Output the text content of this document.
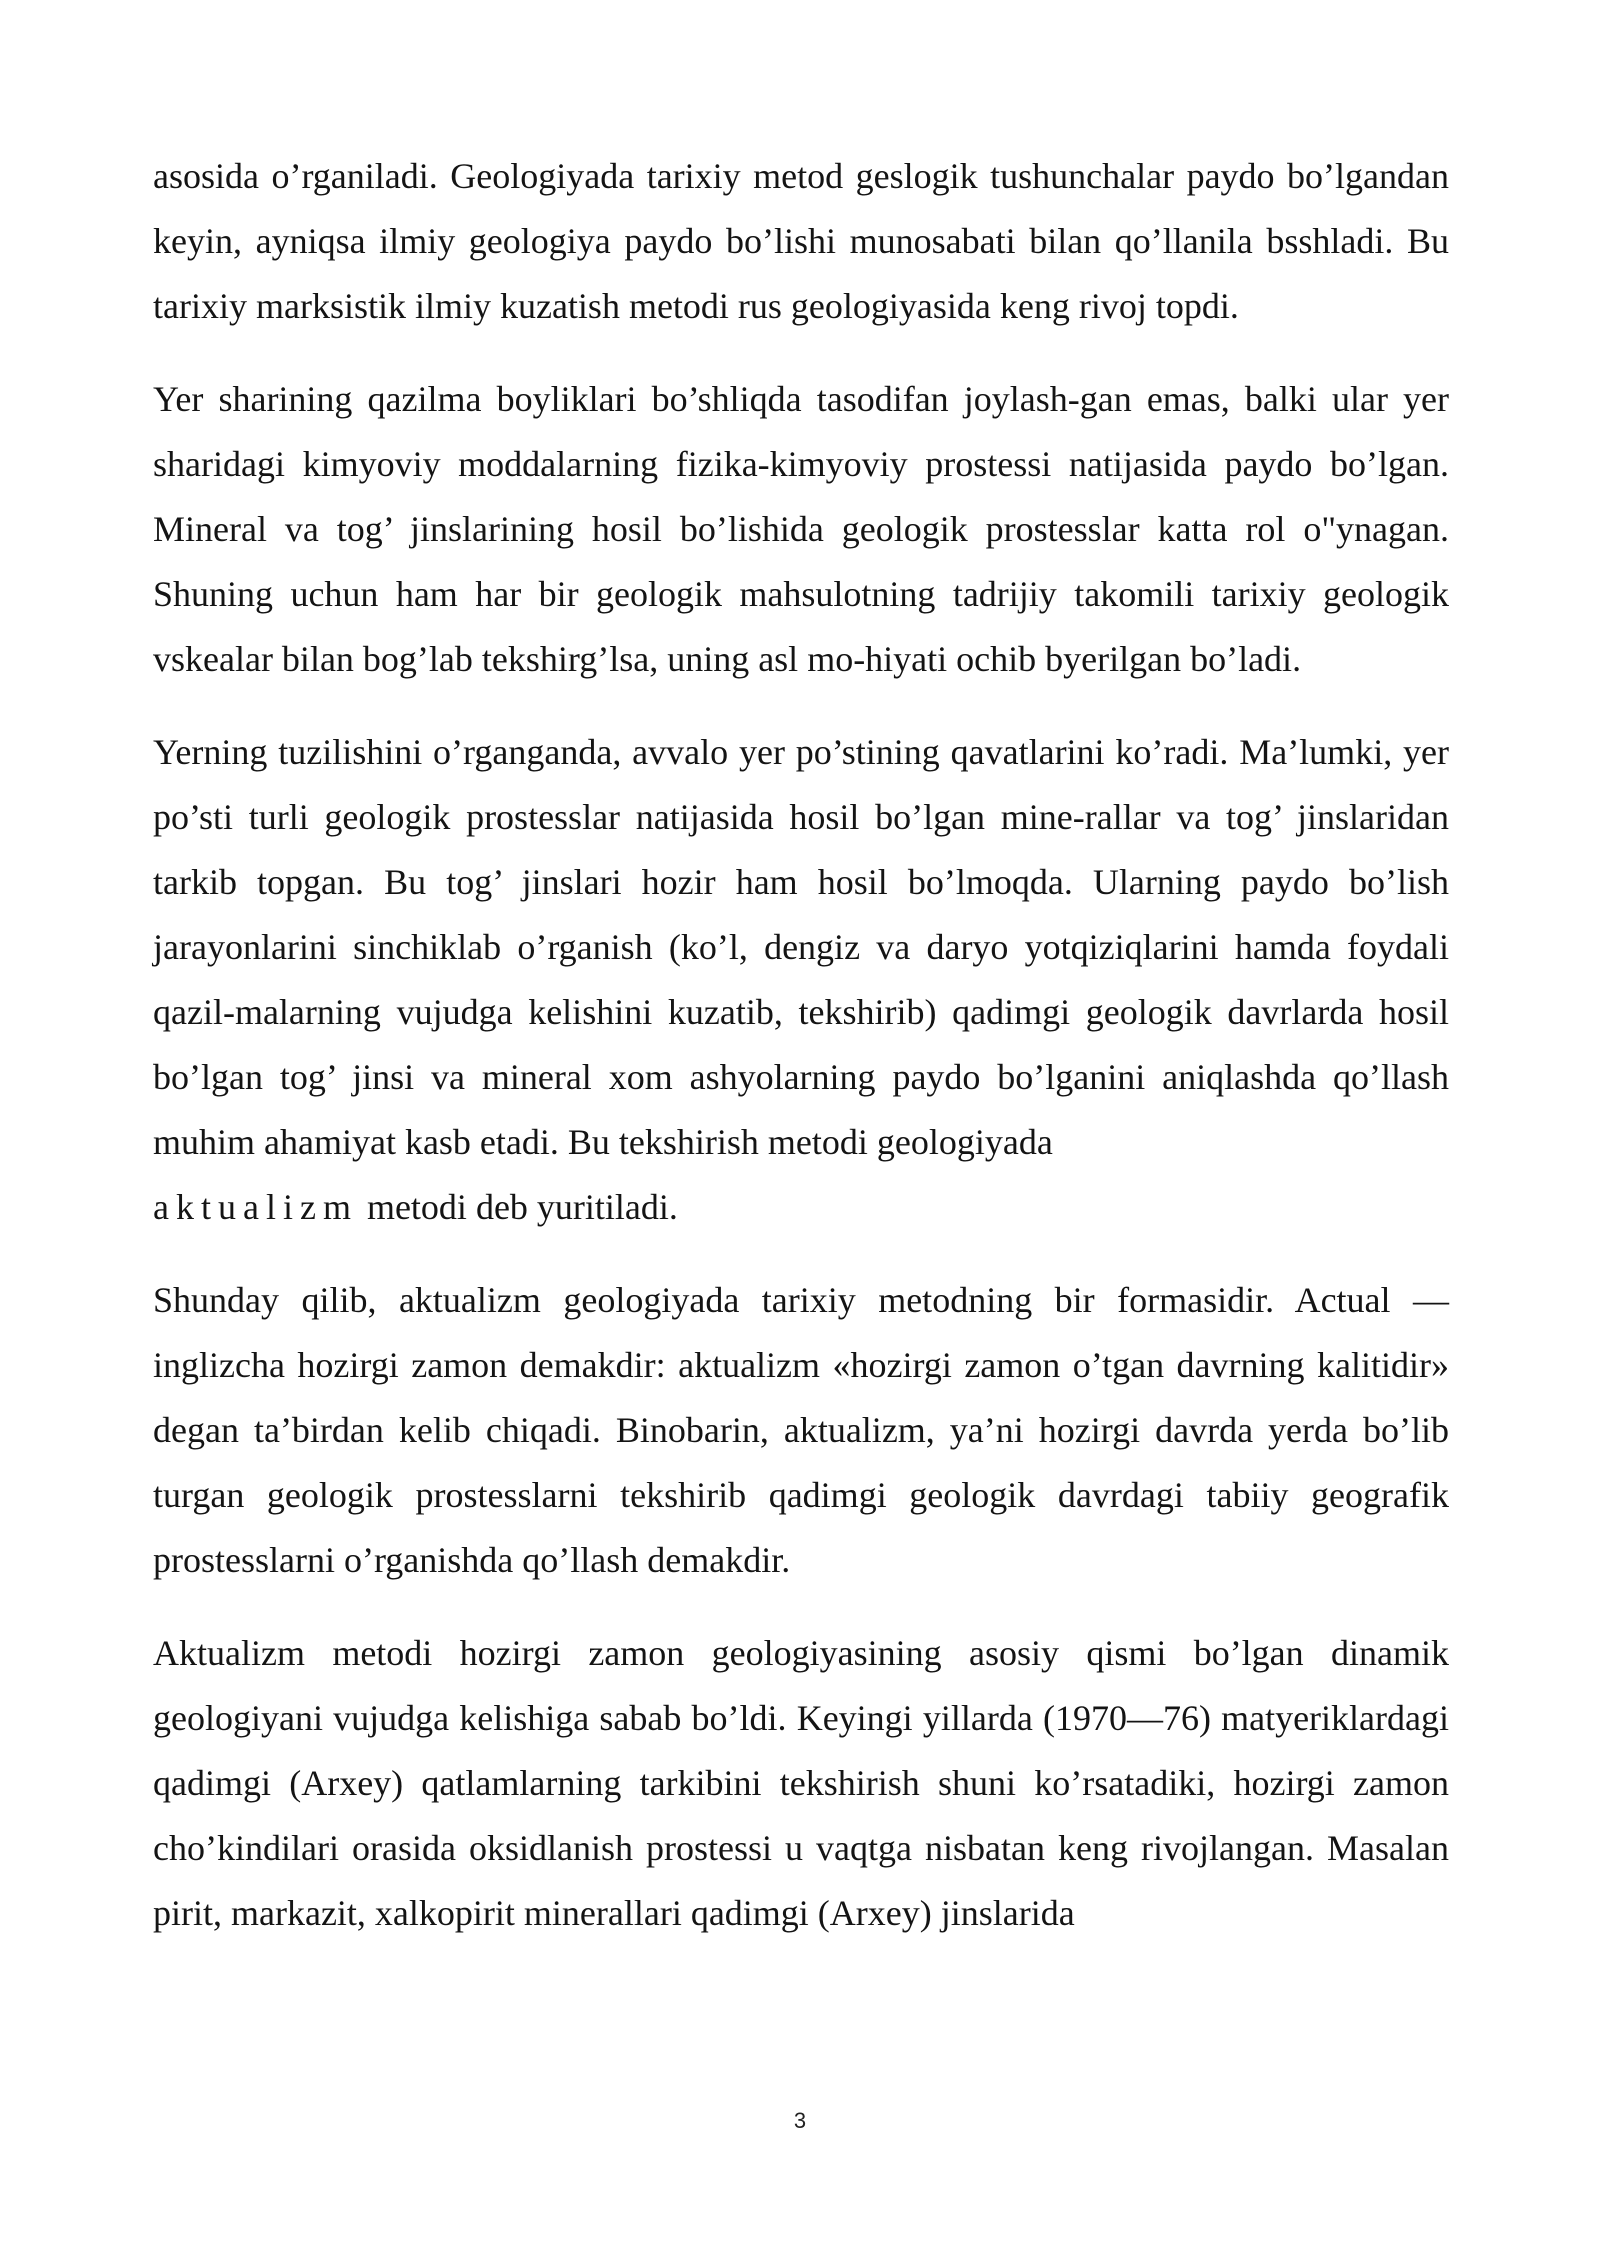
asosida o’rganiladi. Geologiyada tarixiy metod geslogik tushunchalar paydo bo’lgandan keyin, ayniqsa ilmiy geologiya paydo bo’lishi munosabati bilan qo’llanila bsshladi. Bu tarixiy marksistik ilmiy kuzatish metodi rus geologiyasida keng rivoj topdi.

Yer sharining qazilma boyliklari bo’shliqda tasodifan joylash-gan emas, balki ular yer sharidagi kimyoviy moddalarning fizika-kimyoviy prostessi natijasida paydo bo’lgan. Mineral va tog’ jinslarining hosil bo’lishida geologik prostesslar katta rol o"ynagan. Shuning uchun ham har bir geologik mahsulotning tadrijiy takomili tarixiy geologik vskealar bilan bog’lab tekshirg’lsa, uning asl mo-hiyati ochib byerilgan bo’ladi.

Yerning tuzilishini o’rganganda, avvalo yer po’stining qavatlarini ko’radi. Ma’lumki, yer po’sti turli geologik prostesslar natijasida hosil bo’lgan mine-rallar va tog’ jinslaridan tarkib topgan. Bu tog’ jinslari hozir ham hosil bo’lmoqda. Ularning paydo bo’lish jarayonlarini sinchiklab o’rganish (ko’l, dengiz va daryo yotqiziqlarini hamda foydali qazil-malarning vujudga kelishini kuzatib, tekshirib) qadimgi geologik davrlarda hosil bo’lgan tog’ jinsi va mineral xom ashyolarning paydo bo’lganini aniqlashda qo’llash muhim ahamiyat kasb etadi. Bu tekshirish metodi geologiyada
aktualizm metodi deb yuritiladi.

Shunday qilib, aktualizm geologiyada tarixiy metodning bir formasidir. Actual — inglizcha hozirgi zamon demakdir: aktualizm «hozirgi zamon o’tgan davrning kalitidir» degan ta’birdan kelib chiqadi. Binobarin, aktualizm, ya’ni hozirgi davrda yerda bo’lib turgan geologik prostesslarni tekshirib qadimgi geologik davrdagi tabiiy geografik prostesslarni o’rganishda qo’llash demakdir.

Aktualizm metodi hozirgi zamon geologiyasining asosiy qismi bo’lgan dinamik geologiyani vujudga kelishiga sabab bo’ldi. Keyingi yillarda (1970—76) matyeriklardagi qadimgi (Arxey) qatlamlarning tarkibini tekshirish shuni ko’rsatadiki, hozirgi zamon cho’kindilari orasida oksidlanish prostessi u vaqtga nisbatan keng rivojlangan. Masalan pirit, markazit, xalkopirit minerallari qadimgi (Arxey) jinslarida

3
